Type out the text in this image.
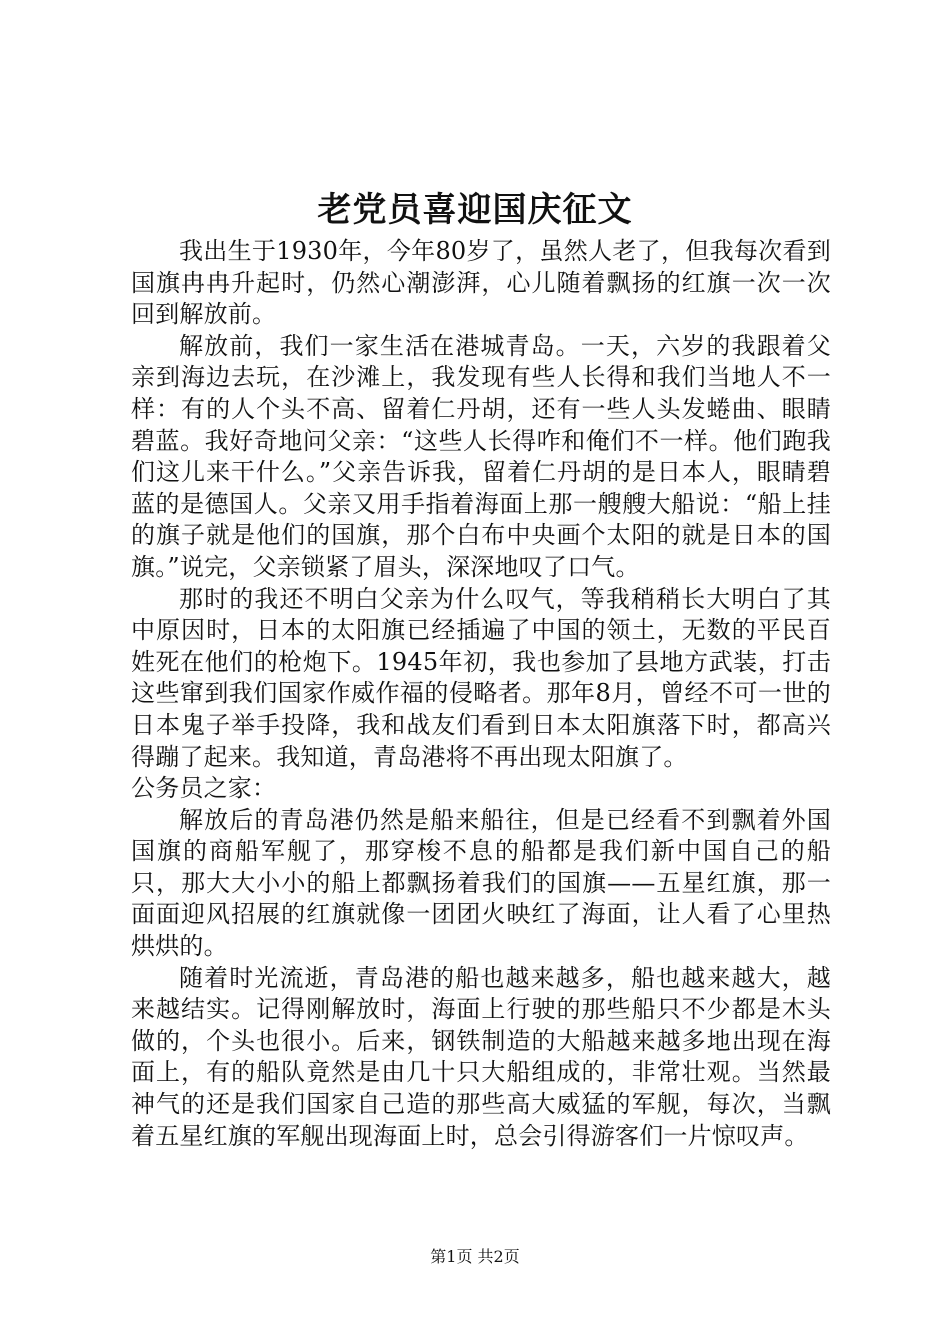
老党员喜迎国庆征文

我出生于1930年，今年80岁了，虽然人老了，但我每次看到国旗冉冉升起时，仍然心潮澎湃，心儿随着飘扬的红旗一次一次回到解放前。

解放前，我们一家生活在港城青岛。一天，六岁的我跟着父亲到海边去玩，在沙滩上，我发现有些人长得和我们当地人不一样：有的人个头不高、留着仁丹胡，还有一些人头发蜷曲、眼睛碧蓝。我好奇地问父亲：“这些人长得咋和俺们不一样。他们跑我们这儿来干什么。”父亲告诉我，留着仁丹胡的是日本人，眼睛碧蓝的是德国人。父亲又用手指着海面上那一艘艘大船说：“船上挂的旗子就是他们的国旗，那个白布中央画个太阳的就是日本的国旗。”说完，父亲锁紧了眉头，深深地叹了口气。

那时的我还不明白父亲为什么叹气，等我稍稍长大明白了其中原因时，日本的太阳旗已经插遍了中国的领土，无数的平民百姓死在他们的枪炮下。1945年初，我也参加了县地方武装，打击这些窜到我们国家作威作福的侵略者。那年8月，曾经不可一世的日本鬼子举手投降，我和战友们看到日本太阳旗落下时，都高兴得蹦了起来。我知道，青岛港将不再出现太阳旗了。

公务员之家：

解放后的青岛港仍然是船来船往，但是已经看不到飘着外国国旗的商船军舰了，那穿梭不息的船都是我们新中国自己的船只，那大大小小的船上都飘扬着我们的国旗——五星红旗，那一面面迎风招展的红旗就像一团团火映红了海面，让人看了心里热烘烘的。

随着时光流逝，青岛港的船也越来越多，船也越来越大，越来越结实。记得刚解放时，海面上行驶的那些船只不少都是木头做的，个头也很小。后来，钢铁制造的大船越来越多地出现在海面上，有的船队竟然是由几十只大船组成的，非常壮观。当然最神气的还是我们国家自己造的那些高大威猛的军舰，每次，当飘着五星红旗的军舰出现海面上时，总会引得游客们一片惊叹声。

第1页 共2页
